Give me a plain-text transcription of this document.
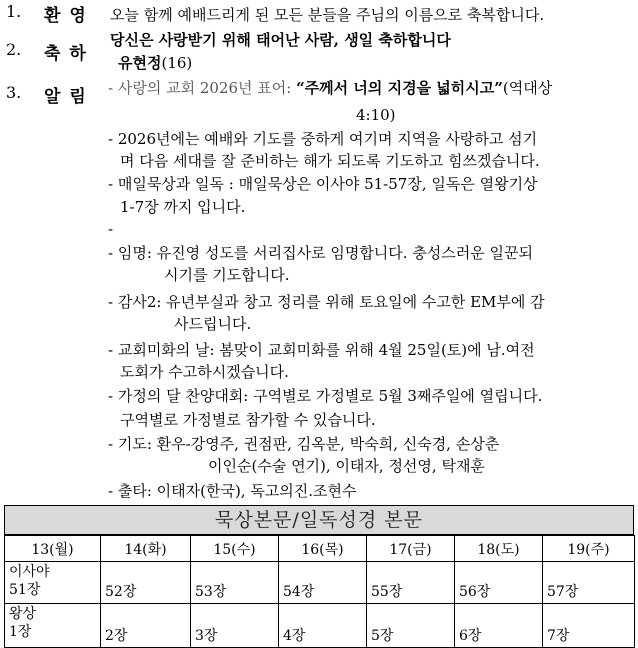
1. 환영
2. 축하
3. 알림
오늘 함께 예배드리게 된 모든 분들을 주님의 이름으로 축복합니다.
당신은 사랑받기 위해 태어난 사람, 생일 축하합니다
유현정(16)
- 사랑의 교회 2026년 표어: “주께서 너의 지경을 넓히시고”(역대상
4:10)
- 2026년에는 예배와 기도를 중하게 여기며 지역을 사랑하고 섬기
며 다음 세대를 잘 준비하는 해가 되도록 기도하고 힘쓰겠습니다.
- 매일묵상과 일독 : 매일묵상은 이사야 51-57장, 일독은 열왕기상
1-7장 까지 입니다.
-
- 임명: 유진영 성도를 서리집사로 임명합니다. 충성스러운 일꾼되
시기를 기도합니다.
- 감사2: 유년부실과 창고 정리를 위해 토요일에 수고한 EM부에 감
사드립니다.
- 교회미화의 날: 봄맞이 교회미화를 위해 4월 25일(토)에 남.여전
도회가 수고하시겠습니다.
- 가정의 달 찬양대회: 구역별로 가정별로 5월 3째주일에 열립니다.
구역별로 가정별로 참가할 수 있습니다.
- 기도: 환우-강영주, 권점판, 김옥분, 박숙희, 신숙경, 손상춘
이인순(수술 연기), 이태자, 정선영, 탁재훈
- 출타: 이태자(한국), 독고의진.조현수
묵상본문/일독성경 본문
13(월)	14(화)	15(수)	16(목)	17(금)	18(도)	19(주)

이사야
51장	52장	53장	54장	55장	56장	57장

왕상
1장	2장	3장	4장	5장	6장	7장
